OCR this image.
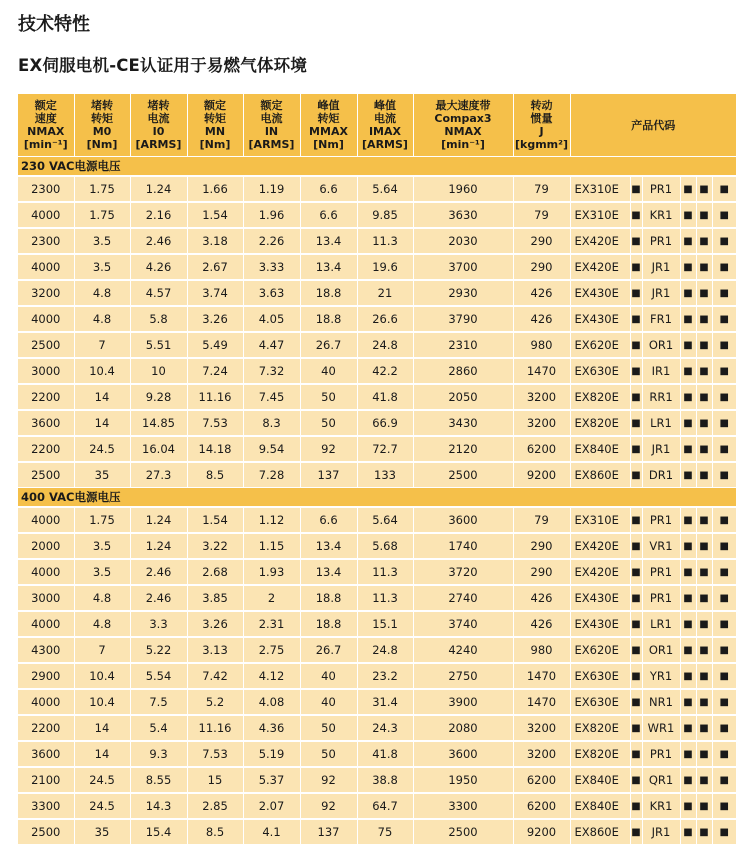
技术特性
EX伺服电机-CE认证用于易燃气体环境
额定
速度
NMAX
[min⁻¹]	堵转
转矩
M0
[Nm]	堵转
电流
I0
[ARMS]	额定
转矩
MN
[Nm]	额定
电流
IN
[ARMS]	峰值
转矩
MMAX
[Nm]	峰值
电流
IMAX
[ARMS]	最大速度带
Compax3
NMAX
[min⁻¹]	转动
惯量
J
[kgmm²]	产品代码					

230 VAC电源电压														
2300	1.75	1.24	1.66	1.19	6.6	5.64	1960	79	EX310E	■	PR1	■	■	■
4000	1.75	2.16	1.54	1.96	6.6	9.85	3630	79	EX310E	■	KR1	■	■	■
2300	3.5	2.46	3.18	2.26	13.4	11.3	2030	290	EX420E	■	PR1	■	■	■
4000	3.5	4.26	2.67	3.33	13.4	19.6	3700	290	EX420E	■	JR1	■	■	■
3200	4.8	4.57	3.74	3.63	18.8	21	2930	426	EX430E	■	JR1	■	■	■
4000	4.8	5.8	3.26	4.05	18.8	26.6	3790	426	EX430E	■	FR1	■	■	■
2500	7	5.51	5.49	4.47	26.7	24.8	2310	980	EX620E	■	OR1	■	■	■
3000	10.4	10	7.24	7.32	40	42.2	2860	1470	EX630E	■	IR1	■	■	■
2200	14	9.28	11.16	7.45	50	41.8	2050	3200	EX820E	■	RR1	■	■	■
3600	14	14.85	7.53	8.3	50	66.9	3430	3200	EX820E	■	LR1	■	■	■
2200	24.5	16.04	14.18	9.54	92	72.7	2120	6200	EX840E	■	JR1	■	■	■
2500	35	27.3	8.5	7.28	137	133	2500	9200	EX860E	■	DR1	■	■	■
400 VAC电源电压														
4000	1.75	1.24	1.54	1.12	6.6	5.64	3600	79	EX310E	■	PR1	■	■	■
2000	3.5	1.24	3.22	1.15	13.4	5.68	1740	290	EX420E	■	VR1	■	■	■
4000	3.5	2.46	2.68	1.93	13.4	11.3	3720	290	EX420E	■	PR1	■	■	■
3000	4.8	2.46	3.85	2	18.8	11.3	2740	426	EX430E	■	PR1	■	■	■
4000	4.8	3.3	3.26	2.31	18.8	15.1	3740	426	EX430E	■	LR1	■	■	■
4300	7	5.22	3.13	2.75	26.7	24.8	4240	980	EX620E	■	OR1	■	■	■
2900	10.4	5.54	7.42	4.12	40	23.2	2750	1470	EX630E	■	YR1	■	■	■
4000	10.4	7.5	5.2	4.08	40	31.4	3900	1470	EX630E	■	NR1	■	■	■
2200	14	5.4	11.16	4.36	50	24.3	2080	3200	EX820E	■	WR1	■	■	■
3600	14	9.3	7.53	5.19	50	41.8	3600	3200	EX820E	■	PR1	■	■	■
2100	24.5	8.55	15	5.37	92	38.8	1950	6200	EX840E	■	QR1	■	■	■
3300	24.5	14.3	2.85	2.07	92	64.7	3300	6200	EX840E	■	KR1	■	■	■
2500	35	15.4	8.5	4.1	137	75	2500	9200	EX860E	■	JR1	■	■	■
